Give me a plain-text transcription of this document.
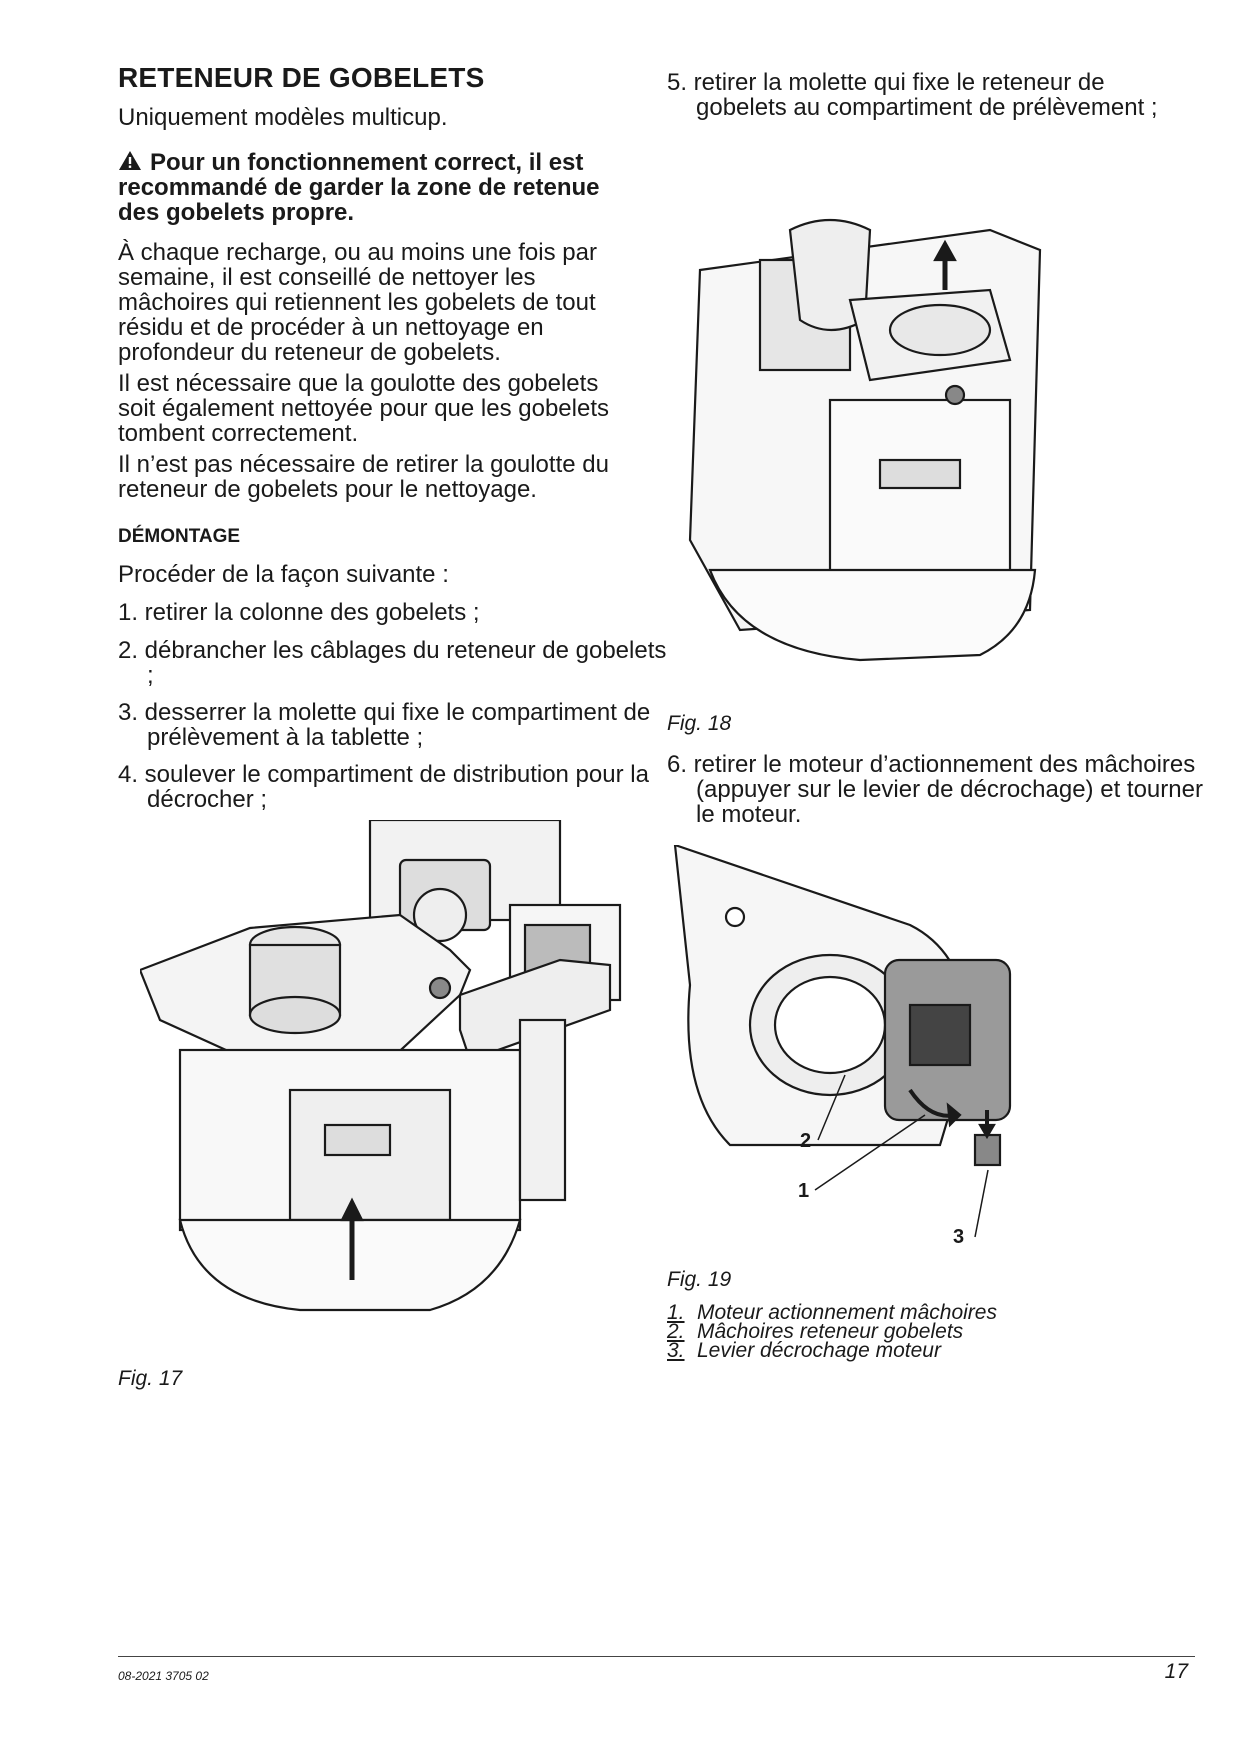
RETENEUR DE GOBELETS
Uniquement modèles multicup.
Pour un fonctionnement correct, il est recommandé de garder la zone de retenue des gobelets propre.
À chaque recharge, ou au moins une fois par semaine, il est conseillé de nettoyer les mâchoires qui retiennent les gobelets de tout résidu et de procéder à un nettoyage en profondeur du reteneur de gobelets.
Il est nécessaire que la goulotte des gobelets soit également nettoyée pour que les gobelets tombent correctement.
Il n’est pas nécessaire de retirer la goulotte du reteneur de gobelets pour le nettoyage.
DÉMONTAGE
Procéder de la façon suivante :
1. retirer la colonne des gobelets ;
2. débrancher les câblages du reteneur de gobelets ;
3. desserrer la molette qui fixe le compartiment de prélèvement à la tablette ;
4. soulever le compartiment de distribution pour la décrocher ;
Fig. 17
5. retirer la molette qui fixe le reteneur de gobelets au compartiment de prélèvement ;
Fig. 18
6. retirer le moteur d’actionnement des mâchoires (appuyer sur le levier de décrochage) et tourner le moteur.
2
1
3
Fig. 19
1. Moteur actionnement mâchoires
2. Mâchoires reteneur gobelets
3. Levier décrochage moteur
08-2021 3705 02	17
